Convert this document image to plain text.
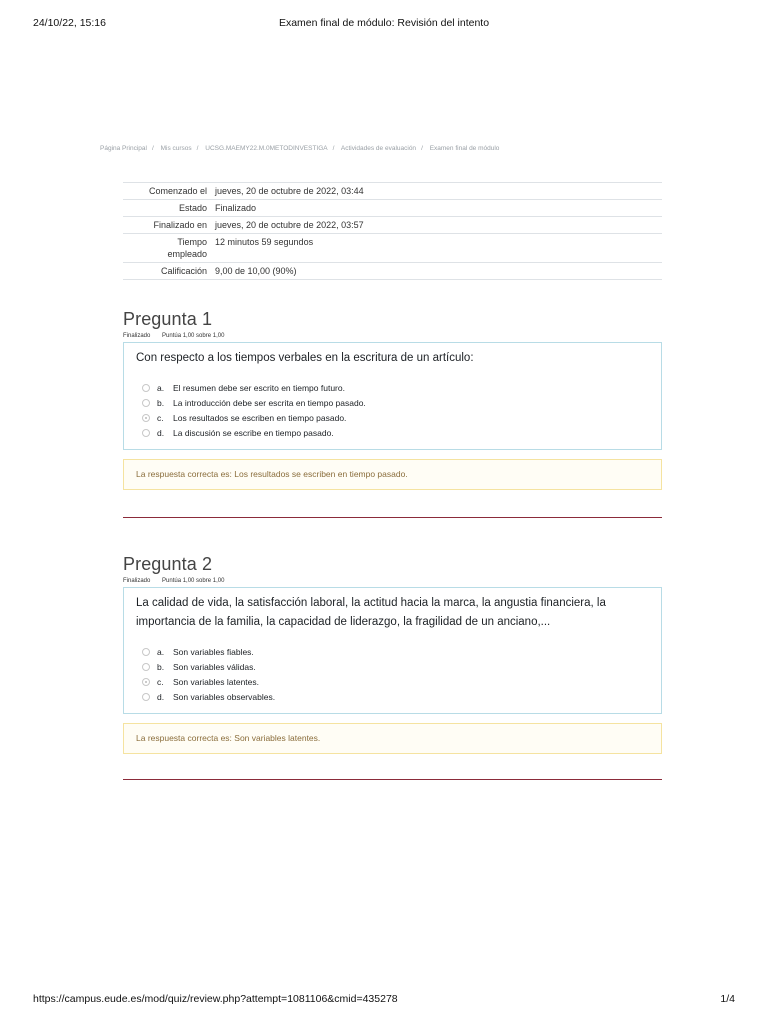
24/10/22, 15:16	Examen final de módulo: Revisión del intento
Página Principal / Mis cursos / UCSG.MAEMY22.M.0METODINVESTIGA / Actividades de evaluación / Examen final de módulo
Comenzado el jueves, 20 de octubre de 2022, 03:44
Estado Finalizado
Finalizado en jueves, 20 de octubre de 2022, 03:57
Tiempo empleado
12 minutos 59 segundos
Calificación 9,00 de 10,00 (90%)
Pregunta 1
Finalizado Puntúa 1,00 sobre 1,00
Con respecto a los tiempos verbales en la escritura de un artículo:
a.	El resumen debe ser escrito en tiempo futuro.
b.	La introducción debe ser escrita en tiempo pasado.
c.	Los resultados se escriben en tiempo pasado.
d.	La discusión se escribe en tiempo pasado.
La respuesta correcta es: Los resultados se escriben en tiempo pasado.
Pregunta 2
Finalizado Puntúa 1,00 sobre 1,00
La calidad de vida, la satisfacción laboral, la actitud hacia la marca, la angustia financiera, la importancia de la familia, la capacidad de liderazgo, la fragilidad de un anciano,...
a.	Son variables fiables.
b.	Son variables válidas.
c.	Son variables latentes.
d.	Son variables observables.
La respuesta correcta es: Son variables latentes.
https://campus.eude.es/mod/quiz/review.php?attempt=1081106&cmid=435278	1/4
